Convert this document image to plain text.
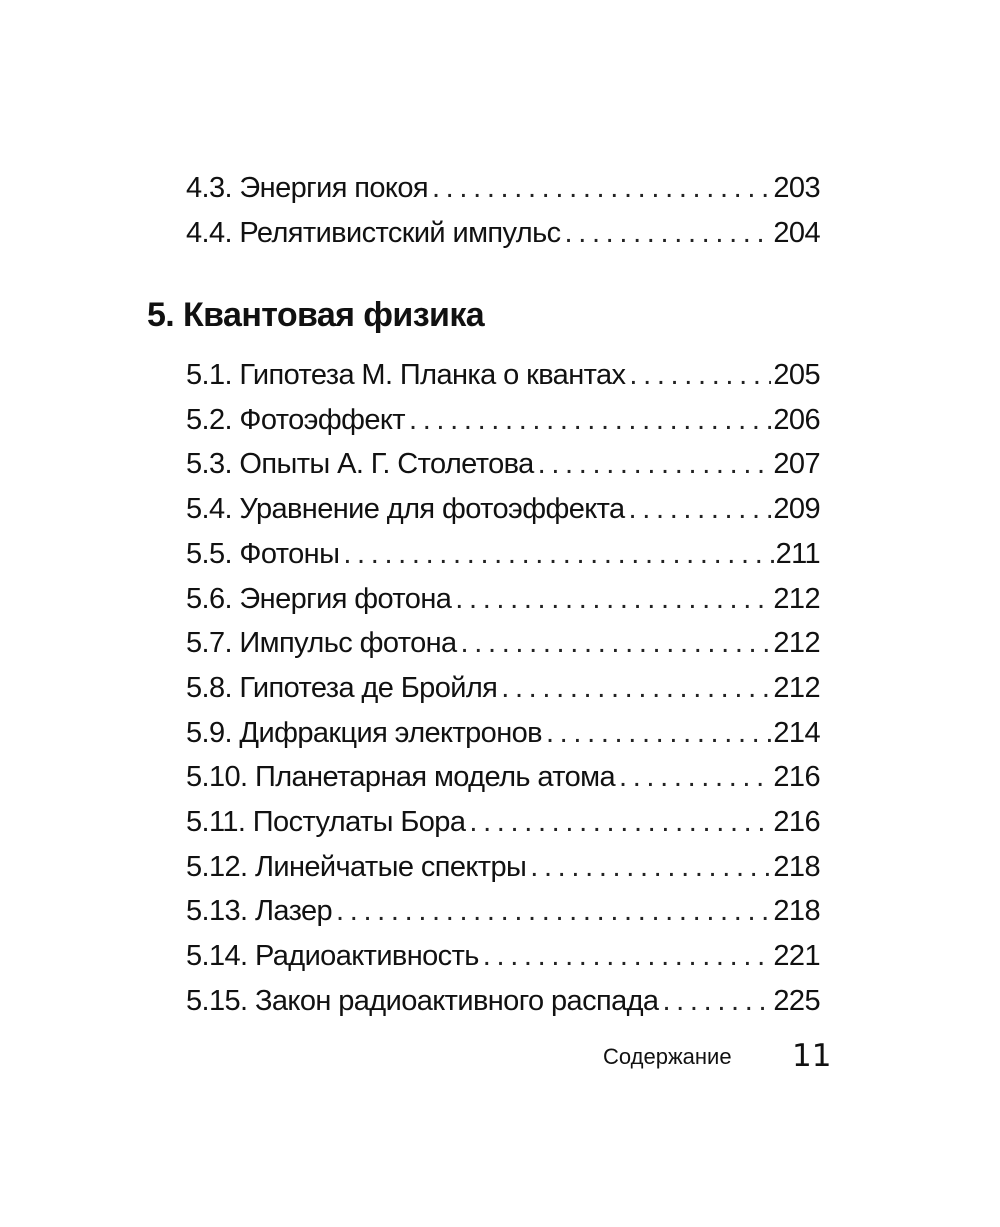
4.3. Энергия покоя . . .	203
4.4. Релятивистский импульс . . .	204
5. Квантовая физика
5.1. Гипотеза М. Планка о квантах . . .	205
5.2. Фотоэффект . . .	206
5.3. Опыты А. Г. Столетова . . .	207
5.4. Уравнение для фотоэффекта . . .	209
5.5. Фотоны . . .	211
5.6. Энергия фотона . . .	212
5.7. Импульс фотона . . .	212
5.8. Гипотеза де Бройля . . .	212
5.9. Дифракция электронов . . .	214
5.10. Планетарная модель атома . . .	216
5.11. Постулаты Бора . . .	216
5.12. Линейчатые спектры . . .	218
5.13. Лазер . . .	218
5.14. Радиоактивность . . .	221
5.15. Закон радиоактивного распада . . .	225
Содержание 11
